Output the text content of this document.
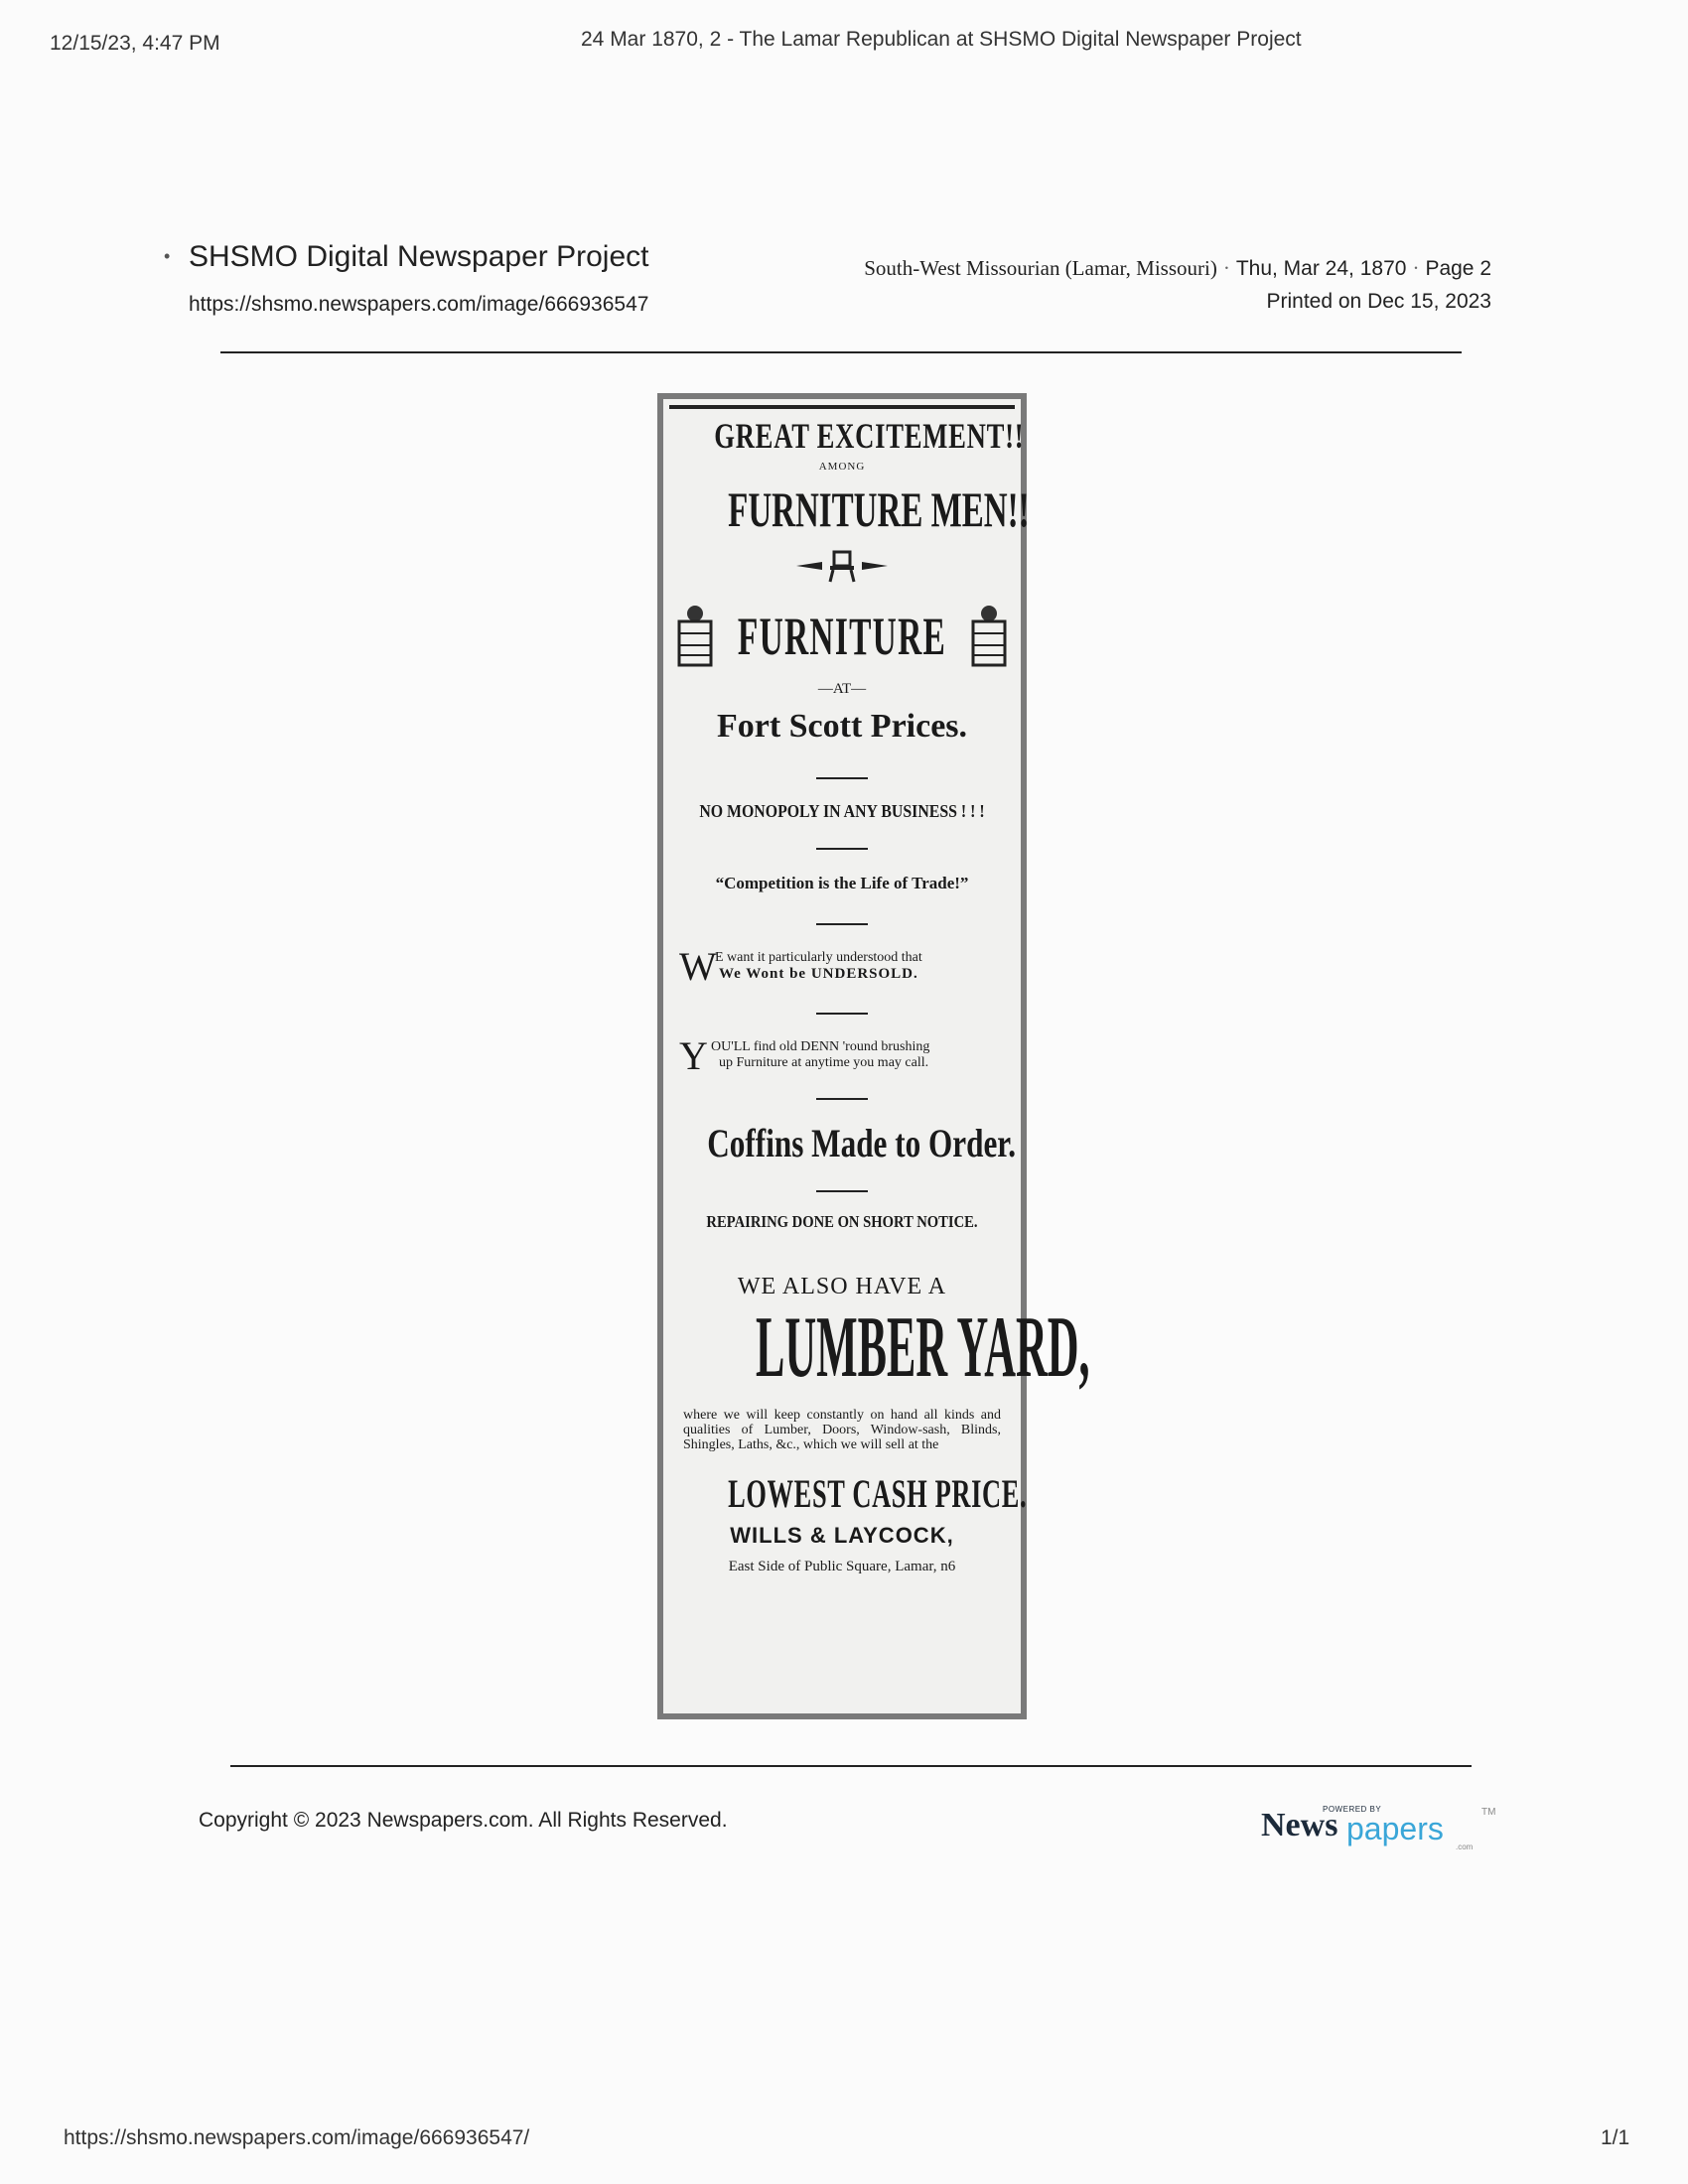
12/15/23, 4:47 PM	24 Mar 1870, 2 - The Lamar Republican at SHSMO Digital Newspaper Project
• SHSMO Digital Newspaper Project
https://shsmo.newspapers.com/image/666936547
South-West Missourian (Lamar, Missouri) · Thu, Mar 24, 1870 · Page 2
Printed on Dec 15, 2023
GREAT EXCITEMENT!!
AMONG
FURNITURE MEN!!
FURNITURE
—AT—
Fort Scott Prices.
NO MONOPOLY IN ANY BUSINESS ! ! !
“Competition is the Life of Trade!”
W
E want it particularly understood that
We Wont be UNDERSOLD.
Y OU'LL find old DENN 'round brushing
up Furniture at anytime you may call.
Coffins Made to Order.
REPAIRING DONE ON SHORT NOTICE.
WE ALSO HAVE A
LUMBER YARD,
where we will keep constantly on hand all kinds and qualities of Lumber, Doors, Window-sash, Blinds, Shingles, Laths, &c., which we will sell at the
LOWEST CASH PRICE.
WILLS & LAYCOCK,
East Side of Public Square, Lamar, n6
Copyright © 2023 Newspapers.com. All Rights Reserved.	POWERED BY
News papers	TM
.com
https://shsmo.newspapers.com/image/666936547/	1/1
